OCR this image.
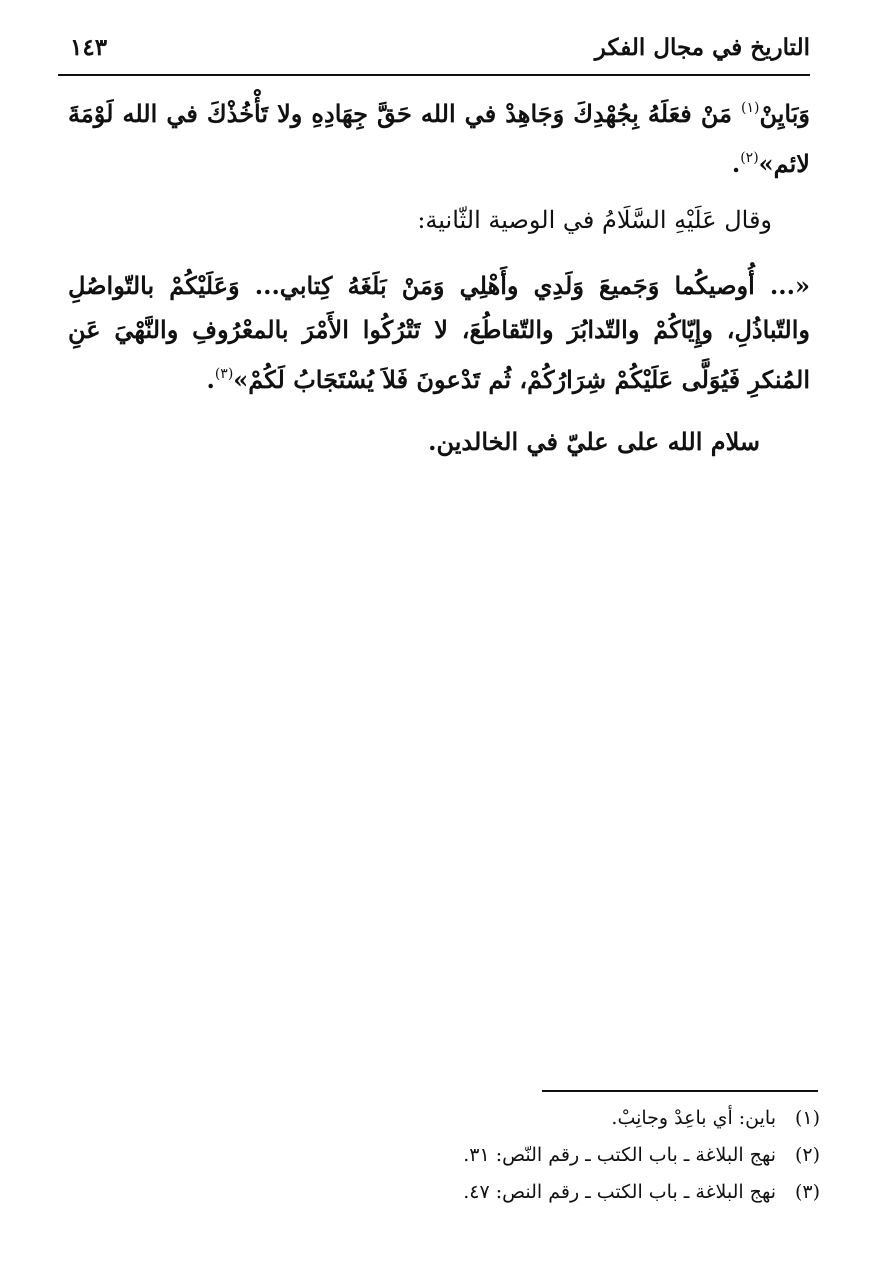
التاريخ في مجال الفكر
١٤٣

وَبَايِنْ$^{(١)}$ مَنْ فعَلَهُ بِجُهْدِكَ وَجَاهِدْ في الله حَقَّ جِهَادِهِ ولا تَأْخُذْكَ في الله لَوْمَةَ لائم»$^{(٢)}$.

وقال عَلَيْهِ السَّلَامُ في الوصية الثّانية:

«... أُوصيكُما وَجَميعَ وَلَدِي وأَهْلِي وَمَنْ بَلَغَهُ كِتابي... وَعَلَيْكُمْ بالتّواصُلِ والتّباذُلِ، وإِيّاكُمْ والتّدابُرَ والتّقاطُعَ، لا تَتْرُكُوا الأَمْرَ بالمعْرُوفِ والنَّهْيَ عَنِ المُنكرِ فَيُوَلَّى عَلَيْكُمْ شِرَارُكُمْ، ثُم تَدْعونَ فَلاَ يُسْتَجَابُ لَكُمْ»$^{(٣)}$.

سلام الله على عليّ في الخالدين.

(١)باين: أي باعِدْ وجانِبْ.
(٢)نهج البلاغة ـ باب الكتب ـ رقم النّص: ٣١.
(٣)نهج البلاغة ـ باب الكتب ـ رقم النص: ٤٧.
